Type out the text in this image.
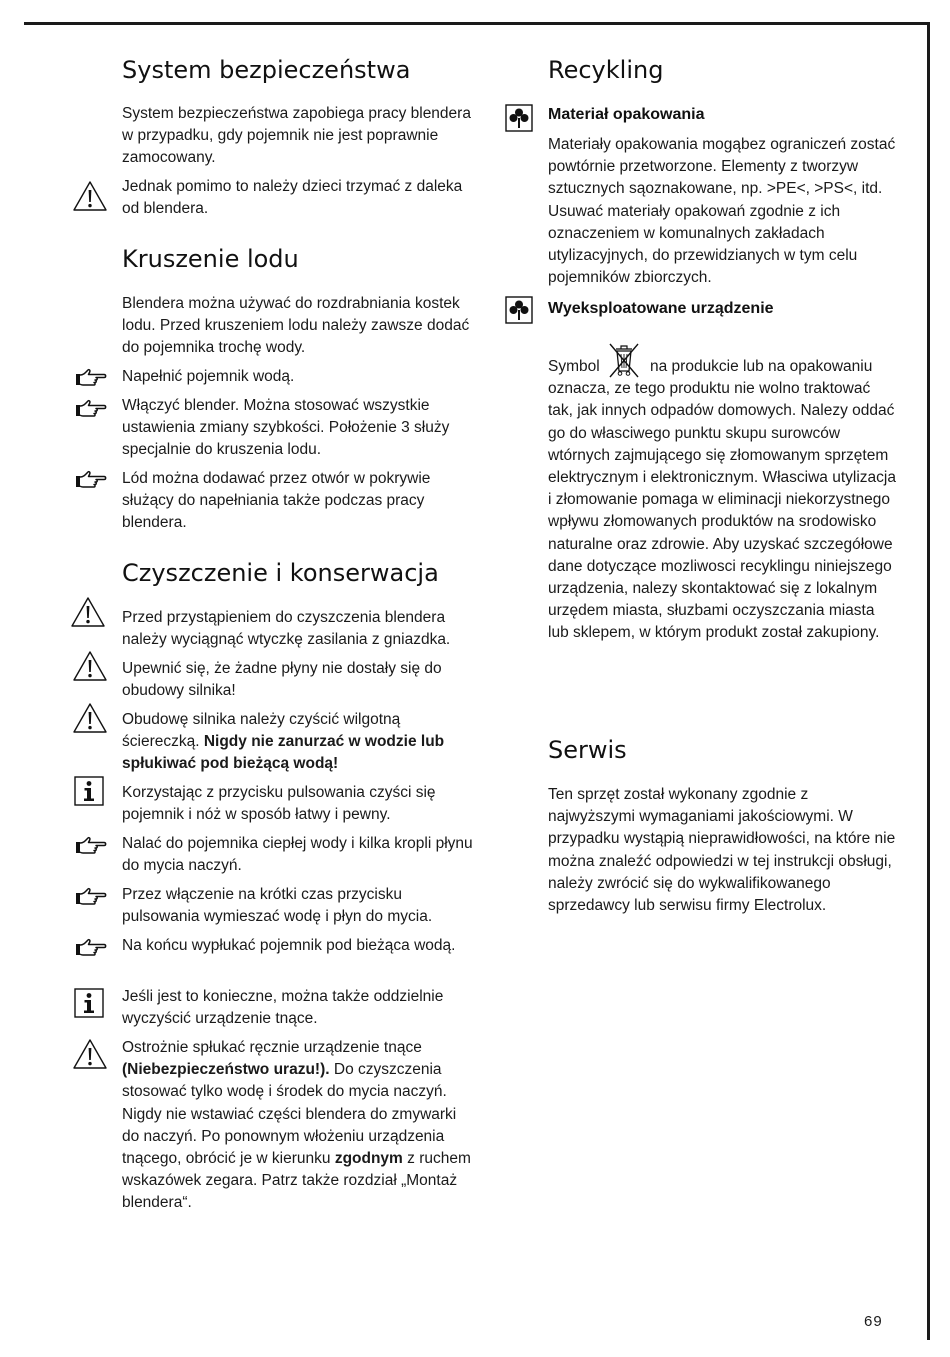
System bezpieczeństwa

System bezpieczeństwa zapobiega pracy blendera w przypadku, gdy pojemnik nie jest poprawnie zamocowany.

Jednak pomimo to należy dzieci trzymać z daleka od blendera.

Kruszenie lodu

Blendera można używać do rozdrabniania kostek lodu. Przed kruszeniem lodu należy zawsze dodać do pojemnika trochę wody.

Napełnić pojemnik wodą.

Włączyć blender. Można stosować wszystkie ustawienia zmiany szybkości. Położenie 3 służy specjalnie do kruszenia lodu.

Lód można dodawać przez otwór w pokrywie służący do napełniania także podczas pracy blendera.

Czyszczenie i konserwacja

Przed przystąpieniem do czyszczenia blendera należy wyciągnąć wtyczkę zasilania z gniazdka.

Upewnić się, że żadne płyny nie dostały się do obudowy silnika!

Obudowę silnika należy czyścić wilgotną ściereczką. Nigdy nie zanurzać w wodzie lub spłukiwać pod bieżącą wodą!

Korzystając z przycisku pulsowania czyści się pojemnik i nóż w sposób łatwy i pewny.

Nalać do pojemnika ciepłej wody i kilka kropli płynu do mycia naczyń.

Przez włączenie na krótki czas przycisku pulsowania wymieszać wodę i płyn do mycia.

Na końcu wypłukać pojemnik pod bieżąca wodą.

Jeśli jest to konieczne, można także oddzielnie wyczyścić urządzenie tnące.

Ostrożnie spłukać ręcznie urządzenie tnące (Niebezpieczeństwo urazu!). Do czyszczenia stosować tylko wodę i środek do mycia naczyń. Nigdy nie wstawiać części blendera do zmywarki do naczyń. Po ponownym włożeniu urządzenia tnącego, obrócić je w kierunku zgodnym z ruchem wskazówek zegara. Patrz także rozdział „Montaż blendera“.

Recykling
Materiał opakowania

Materiały opakowania mogąbez ograniczeń zostać powtórnie przetworzone. Elementy z tworzyw sztucznych sąoznakowane, np. >PE<, >PS<, itd. Usuwać materiały opakowań zgodnie z ich oznaczeniem w komunalnych zakładach utylizacyjnych, do przewidzianych w tym celu pojemników zbiorczych.

Wyeksploatowane urządzenie

Symbol	na produkcie lub na opakowaniu oznacza, ze tego produktu nie wolno traktować tak, jak innych odpadów domowych. Nalezy oddać go do własciwego punktu skupu surowców wtórnych zajmującego się złomowanym sprzętem elektrycznym i elektronicznym. Własciwa utylizacja i złomowanie pomaga w eliminacji niekorzystnego wpływu złomowanych produktów na srodowisko naturalne oraz zdrowie. Aby uzyskać szczegółowe dane dotyczące mozliwosci recyklingu niniejszego urządzenia, nalezy skontaktować się z lokalnym urzędem miasta, słuzbami oczyszczania miasta lub sklepem, w którym produkt został zakupiony.

Serwis

Ten sprzęt został wykonany zgodnie z najwyższymi wymaganiami jakościowymi. W przypadku wystąpią nieprawidłowości, na które nie można znaleźć odpowiedzi w tej instrukcji obsługi, należy zwrócić się do wykwalifikowanego sprzedawcy lub serwisu firmy Electrolux.

69
